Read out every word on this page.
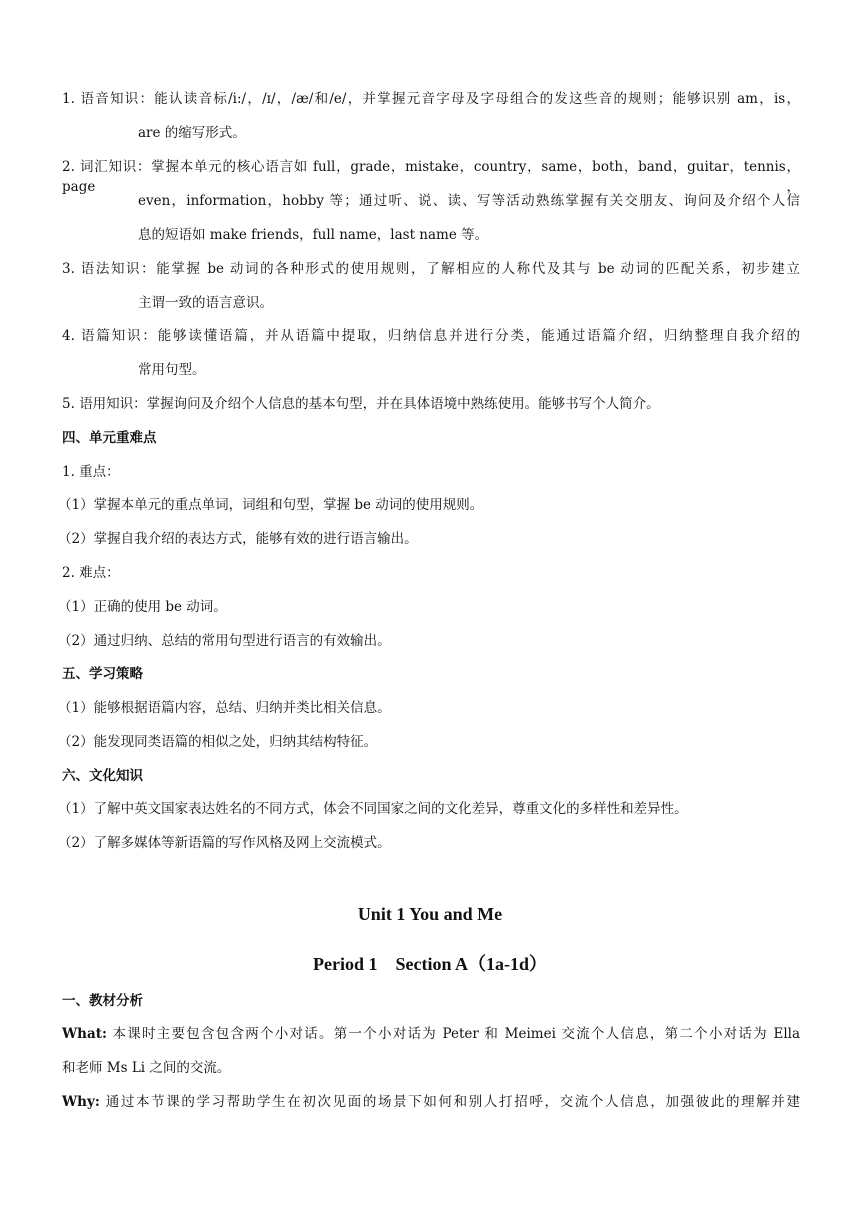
1. 语音知识：能认读音标/i:/，/ɪ/，/æ/和/e/，并掌握元音字母及字母组合的发这些音的规则；能够识别 am，is，
are 的缩写形式。
2. 词汇知识：掌握本单元的核心语言如 full，grade，mistake，country，same，both，band，guitar，tennis，page，
even，information，hobby 等；通过听、说、读、写等活动熟练掌握有关交朋友、询问及介绍个人信
息的短语如 make friends，full name，last name 等。
3. 语法知识：能掌握 be 动词的各种形式的使用规则，了解相应的人称代及其与 be 动词的匹配关系，初步建立
主谓一致的语言意识。
4. 语篇知识：能够读懂语篇，并从语篇中提取，归纳信息并进行分类，能通过语篇介绍，归纳整理自我介绍的
常用句型。
5. 语用知识：掌握询问及介绍个人信息的基本句型，并在具体语境中熟练使用。能够书写个人简介。
四、单元重难点
1. 重点：
（1）掌握本单元的重点单词，词组和句型，掌握 be 动词的使用规则。
（2）掌握自我介绍的表达方式，能够有效的进行语言输出。
2. 难点：
（1）正确的使用 be 动词。
（2）通过归纳、总结的常用句型进行语言的有效输出。
五、学习策略
（1）能够根据语篇内容，总结、归纳并类比相关信息。
（2）能发现同类语篇的相似之处，归纳其结构特征。
六、文化知识
（1）了解中英文国家表达姓名的不同方式，体会不同国家之间的文化差异，尊重文化的多样性和差异性。
（2）了解多媒体等新语篇的写作风格及网上交流模式。
Unit 1 You and Me
Period 1    Section A（1a-1d）
一、教材分析
What: 本课时主要包含包含两个小对话。第一个小对话为 Peter 和 Meimei 交流个人信息，第二个小对话为 Ella
和老师 Ms Li 之间的交流。
Why: 通过本节课的学习帮助学生在初次见面的场景下如何和别人打招呼，交流个人信息，加强彼此的理解并建
